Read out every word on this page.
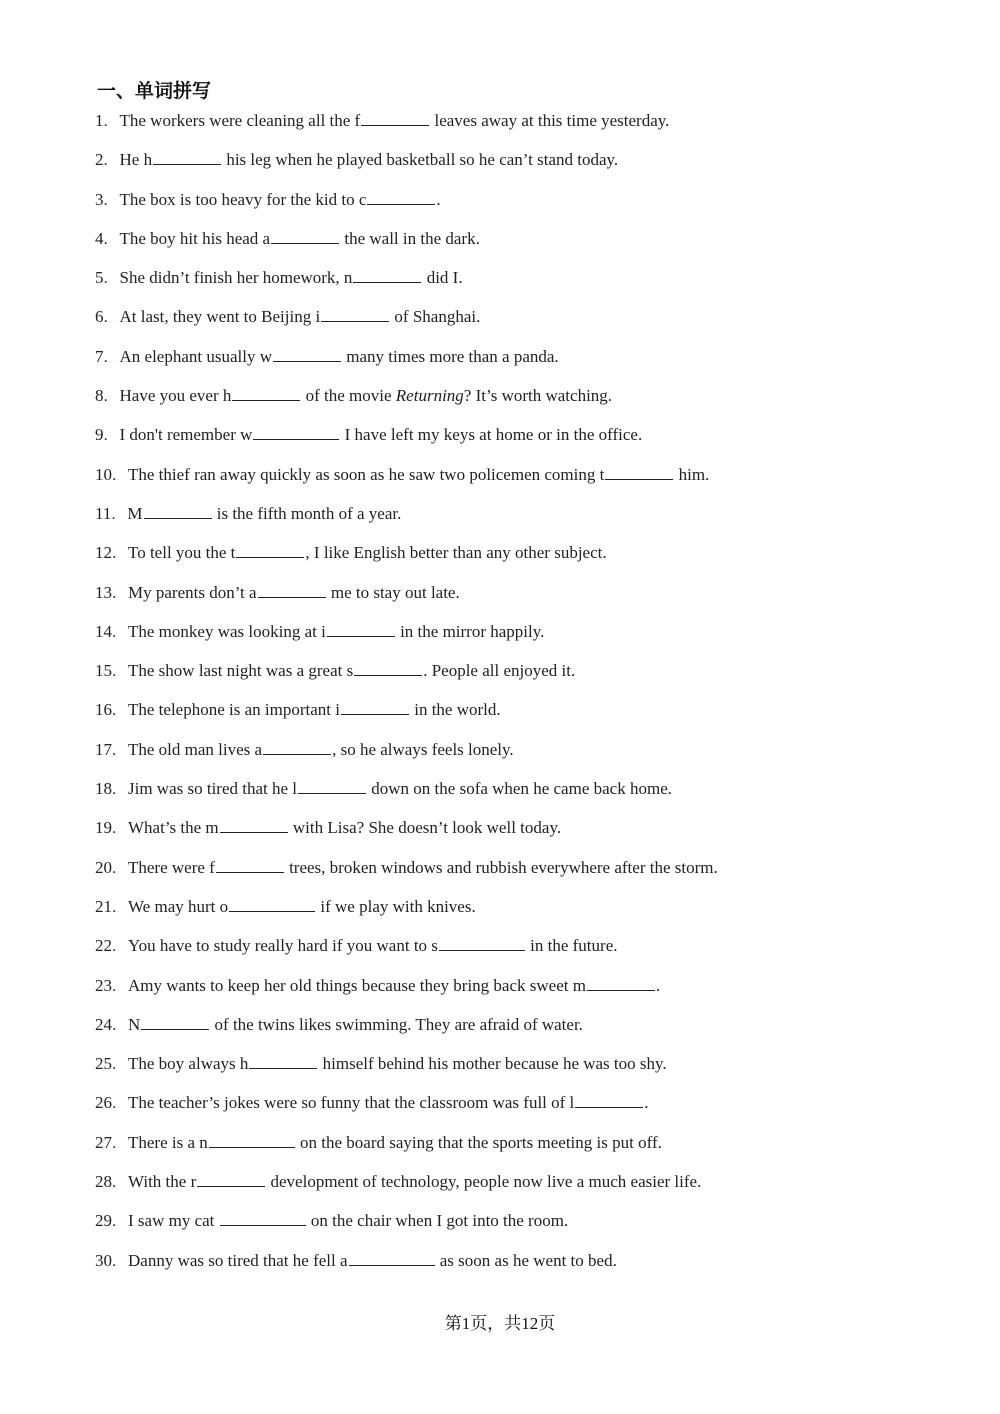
一、单词拼写
1 ． The workers were cleaning all the f	leaves away at this time yesterday.
2 ． He h	his leg when he played basketball so he can’t stand today.
3 ． The box is too heavy for the kid to c	.
4 ． The boy hit his head a	the wall in the dark.
5 ． She didn’t finish her homework, n	did I.
6 ． At last, they went to Beijing i	of Shanghai.
7 ． An elephant usually w	many times more than a panda.
8 ． Have you ever h	of the movie Returning? It’s worth watching.
9 ． I don't remember w	I have left my keys at home or in the office.
10 ． The thief ran away quickly as soon as he saw two policemen coming t	him.
11 ． M	is the fifth month of a year.
12 ． To tell you the t	, I like English better than any other subject.
13 ． My parents don’t a	me to stay out late.
14 ． The monkey was looking at i	in the mirror happily.
15 ． The show last night was a great s	. People all enjoyed it.
16 ． The telephone is an important i	in the world.
17 ． The old man lives a	, so he always feels lonely.
18 ． Jim was so tired that he l	down on the sofa when he came back home.
19 ． What’s the m	with Lisa? She doesn’t look well today.
20 ． There were f	trees, broken windows and rubbish everywhere after the storm.
21 ． We may hurt o	if we play with knives.
22 ． You have to study really hard if you want to s	in the future.
23 ． Amy wants to keep her old things because they bring back sweet m	.
24 ． N	of the twins likes swimming. They are afraid of water.
25 ． The boy always h	himself behind his mother because he was too shy.
26 ． The teacher’s jokes were so funny that the classroom was full of l	.
27 ． There is a n	on the board saying that the sports meeting is put off.
28 ． With the r	development of technology, people now live a much easier life.
29 ． I saw my cat	on the chair when I got into the room.
30 ． Danny was so tired that he fell a	as soon as he went to bed.
第1页，共12页
